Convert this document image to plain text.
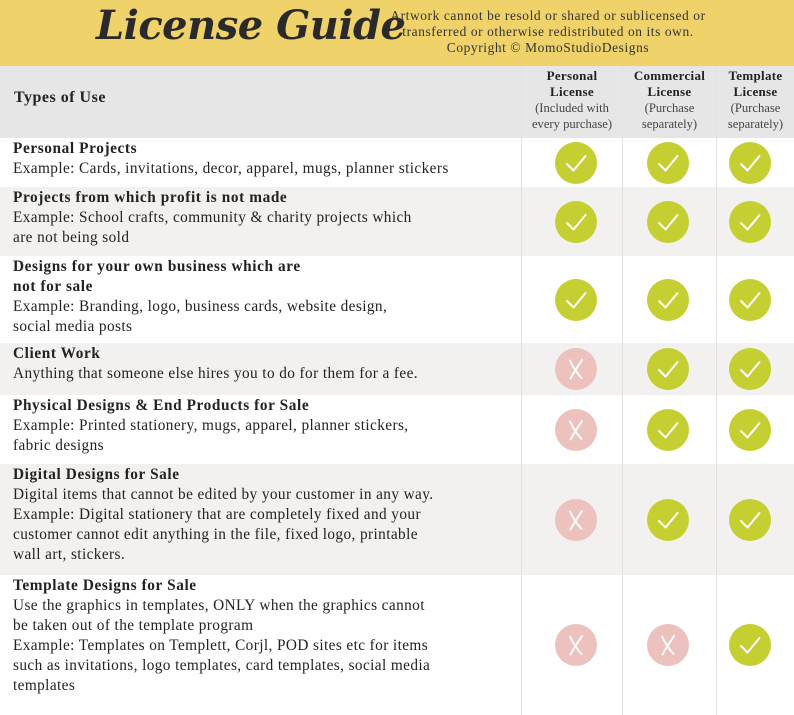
License Guide
Artwork cannot be resold or shared or sublicensed or
transferred or otherwise redistributed on its own.
Copyright © MomoStudioDesigns
Personal Projects
Example: Cards, invitations, decor, apparel, mugs, planner stickers
Projects from which profit is not made
Example: School crafts, community & charity projects which
are not being sold
Designs for your own business which are
not for sale
Example: Branding, logo, business cards, website design,
social media posts
Client Work
Anything that someone else hires you to do for them for a fee.
Physical Designs & End Products for Sale
Example: Printed stationery, mugs, apparel, planner stickers,
fabric designs
Digital Designs for Sale
Digital items that cannot be edited by your customer in any way.
Example: Digital stationery that are completely fixed and your
customer cannot edit anything in the file, fixed logo, printable
wall art, stickers.
Template Designs for Sale
Use the graphics in templates, ONLY when the graphics cannot
be taken out of the template program
Example: Templates on Templett, Corjl, POD sites etc for items
such as invitations, logo templates, card templates, social media
templates
Types of Use
Personal
License
(Included with
every purchase)
Commercial
License
(Purchase
separately)
Template
License
(Purchase
separately)
